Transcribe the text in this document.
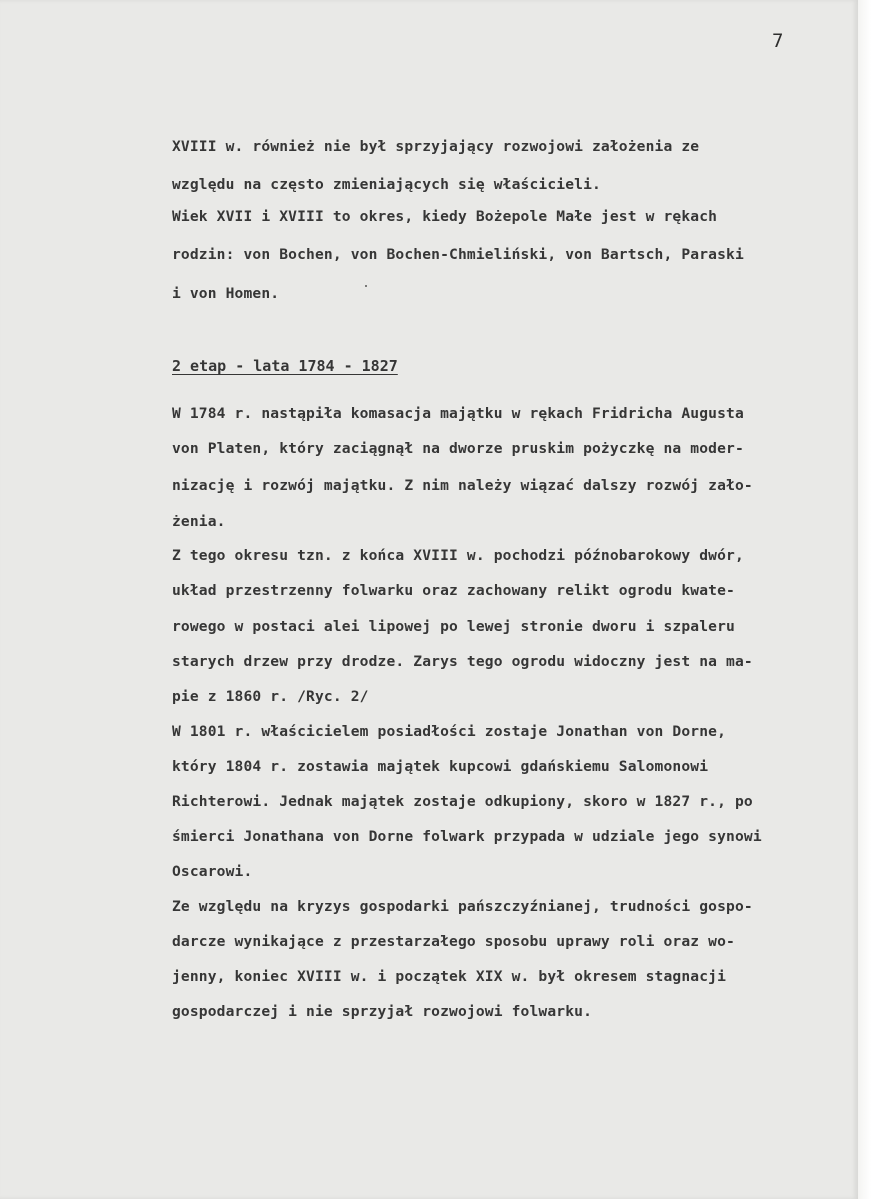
7
XVIII w. również nie był sprzyjający rozwojowi założenia ze
względu na często zmieniających się właścicieli.
Wiek XVII i XVIII to okres, kiedy Bożepole Małe jest w rękach
rodzin: von Bochen, von Bochen-Chmieliński, von Bartsch, Paraski
i von Homen.
2 etap - lata 1784 - 1827
W 1784 r. nastąpiła komasacja majątku w rękach Fridricha Augusta
von Platen, który zaciągnął na dworze pruskim pożyczkę na moder-
nizację i rozwój majątku. Z nim należy wiązać dalszy rozwój zało-
żenia.
Z tego okresu tzn. z końca XVIII w. pochodzi późnobarokowy dwór,
układ przestrzenny folwarku oraz zachowany relikt ogrodu kwate-
rowego w postaci alei lipowej po lewej stronie dworu i szpaleru
starych drzew przy drodze. Zarys tego ogrodu widoczny jest na ma-
pie z 1860 r. /Ryc. 2/
W 1801 r. właścicielem posiadłości zostaje Jonathan von Dorne,
który 1804 r. zostawia majątek kupcowi gdańskiemu Salomonowi
Richterowi. Jednak majątek zostaje odkupiony, skoro w 1827 r., po
śmierci Jonathana von Dorne folwark przypada w udziale jego synowi
Oscarowi.
Ze względu na kryzys gospodarki pańszczyźnianej, trudności gospo-
darcze wynikające z przestarzałego sposobu uprawy roli oraz wo-
jenny, koniec XVIII w. i początek XIX w. był okresem stagnacji
gospodarczej i nie sprzyjał rozwojowi folwarku.
